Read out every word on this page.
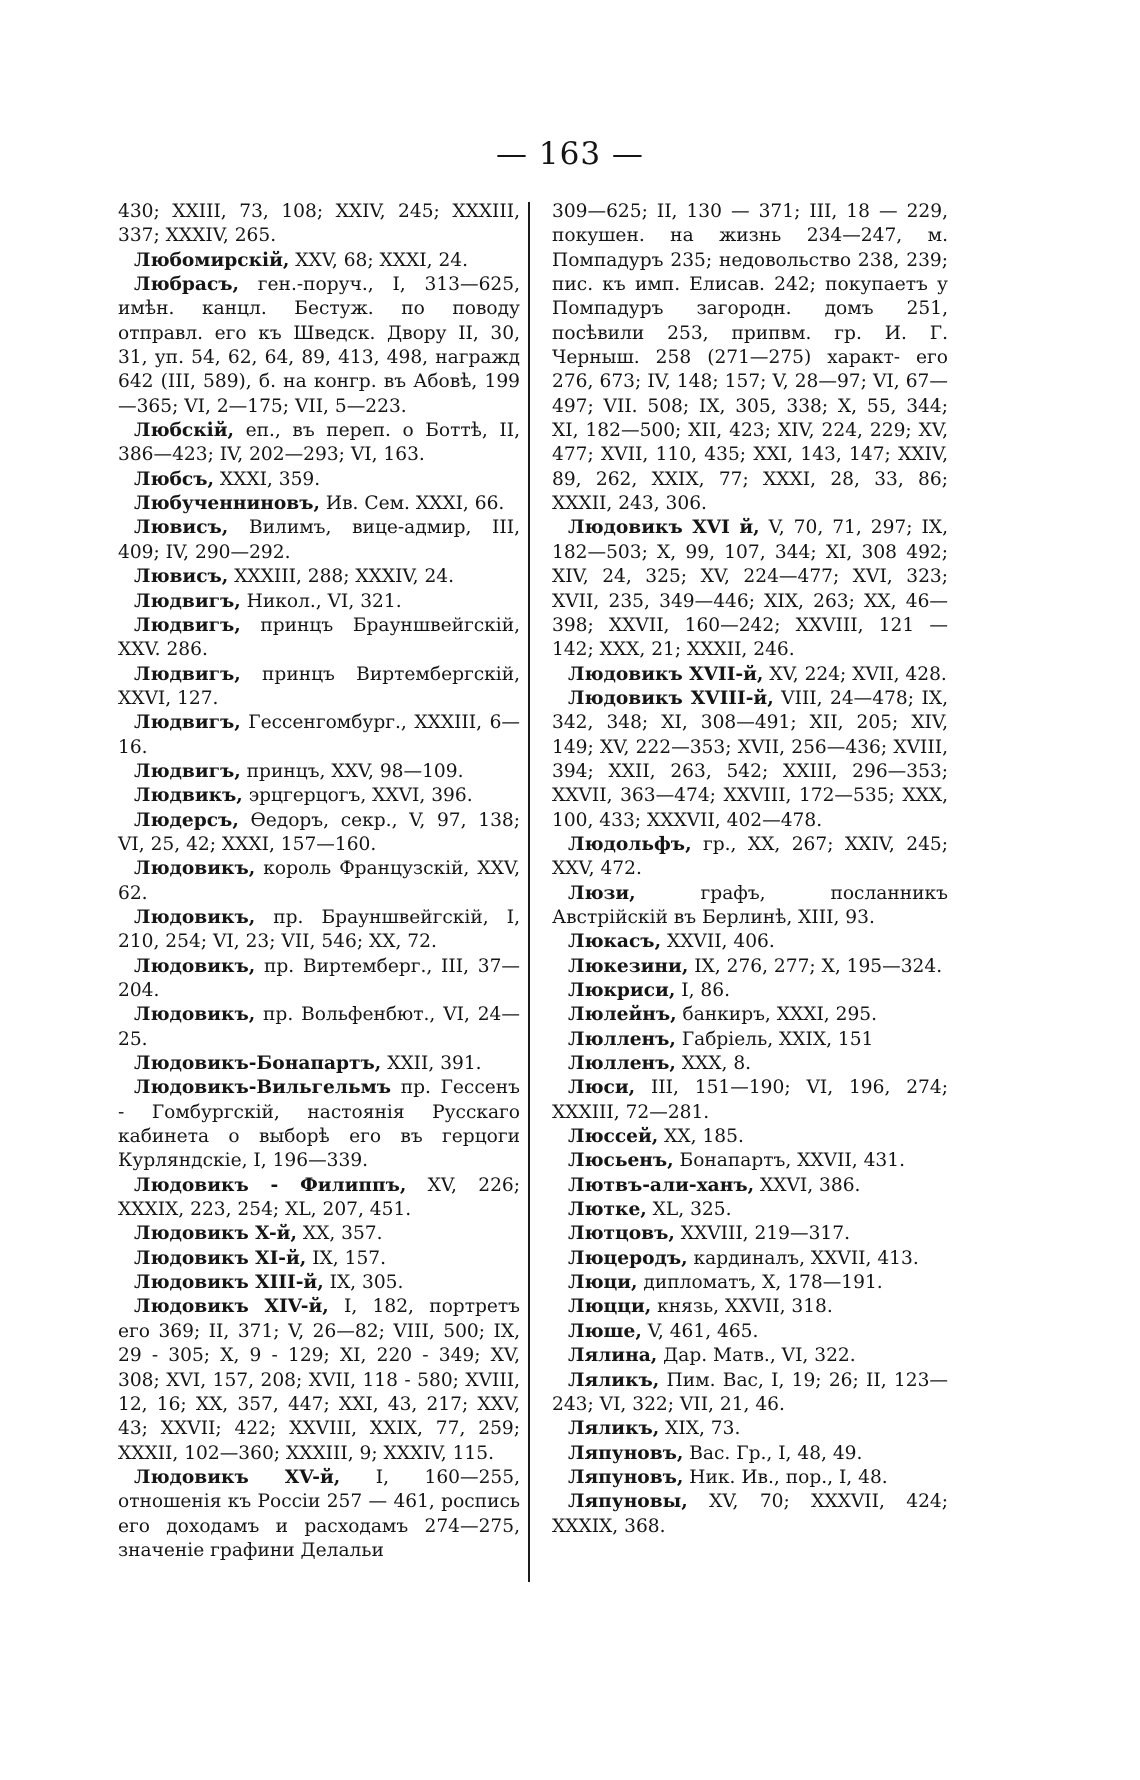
— 163 —
430; XXIII, 73, 108; XXIV, 245; XXXIII, 337; XXXIV, 265.
Любомирскій, XXV, 68; XXXI, 24.
Любрасъ, ген.-поруч., I, 313—625, имѣн. канцл. Бестуж. по поводу отправл. его къ Шведск. Двору II, 30, 31, уп. 54, 62, 64, 89, 413, 498, награжд 642 (III, 589), б. на конгр. въ Абовѣ, 199—365; VI, 2—175; VII, 5—223.
Любскій, еп., въ переп. о Боттѣ, II, 386—423; IV, 202—293; VI, 163.
Любсъ, XXXI, 359.
Любученниновъ, Ив. Сем. XXXI, 66.
Лювисъ, Вилимъ, вице-адмир, III, 409; IV, 290—292.
Лювисъ, XXXIII, 288; XXXIV, 24.
Людвигъ, Никол., VI, 321.
Людвигъ, принцъ Брауншвейгскій, XXV. 286.
Людвигъ, принцъ Виртембергскій, XXVI, 127.
Людвигъ, Гессенгомбург., XXXIII, 6—16.
Людвигъ, принцъ, XXV, 98—109.
Людвикъ, эрцгерцогъ, XXVI, 396.
Людерсъ, Ѳедоръ, секр., V, 97, 138; VI, 25, 42; XXXI, 157—160.
Людовикъ, король Французскій, XXV, 62.
Людовикъ, пр. Брауншвейгскій, I, 210, 254; VI, 23; VII, 546; XX, 72.
Людовикъ, пр. Виртемберг., III, 37—204.
Людовикъ, пр. Вольфенбют., VI, 24—25.
Людовикъ-Бонапартъ, XXII, 391.
Людовикъ-Вильгельмъ пр. Гессенъ - Гомбургскій, настоянія Русскаго кабинета о выборѣ его въ герцоги Курляндскіе, I, 196—339.
Людовикъ - Филиппъ, XV, 226; XXXIX, 223, 254; XL, 207, 451.
Людовикъ X-й, XX, 357.
Людовикъ XI-й, IX, 157.
Людовикъ XIII-й, IX, 305.
Людовикъ XIV-й, I, 182, портретъ его 369; II, 371; V, 26—82; VIII, 500; IX, 29 - 305; X, 9 - 129; XI, 220 - 349; XV, 308; XVI, 157, 208; XVII, 118 - 580; XVIII, 12, 16; XX, 357, 447; XXI, 43, 217; XXV, 43; XXVII; 422; XXVIII, XXIX, 77, 259; XXXII, 102—360; XXXIII, 9; XXXIV, 115.
Людовикъ XV-й, I, 160—255, отношенія къ Россіи 257 — 461, роспись его доходамъ и расходамъ 274—275, значеніе графини Делальи
309—625; II, 130 — 371; III, 18 — 229, покушен. на жизнь 234—247, м. Помпадуръ 235; недовольство 238, 239; пис. къ имп. Елисав. 242; покупаетъ у Помпадуръ загородн. домъ 251, посѣвили 253, припвм. гр. И. Г. Черныш. 258 (271—275) характ- его 276, 673; IV, 148; 157; V, 28—97; VI, 67—497; VII. 508; IX, 305, 338; X, 55, 344; XI, 182—500; XII, 423; XIV, 224, 229; XV, 477; XVII, 110, 435; XXI, 143, 147; XXIV, 89, 262, XXIX, 77; XXXI, 28, 33, 86; XXXII, 243, 306.
Людовикъ XVI й, V, 70, 71, 297; IX, 182—503; X, 99, 107, 344; XI, 308 492; XIV, 24, 325; XV, 224—477; XVI, 323; XVII, 235, 349—446; XIX, 263; XX, 46—398; XXVII, 160—242; XXVIII, 121 — 142; XXX, 21; XXXII, 246.
Людовикъ XVII-й, XV, 224; XVII, 428.
Людовикъ XVIII-й, VIII, 24—478; IX, 342, 348; XI, 308—491; XII, 205; XIV, 149; XV, 222—353; XVII, 256—436; XVIII, 394; XXII, 263, 542; XXIII, 296—353; XXVII, 363—474; XXVIII, 172—535; XXX, 100, 433; XXXVII, 402—478.
Людольфъ, гр., XX, 267; XXIV, 245; XXV, 472.
Люзи, графъ, посланникъ Австрійскій въ Берлинѣ, XIII, 93.
Люкасъ, XXVII, 406.
Люкезини, IX, 276, 277; X, 195—324.
Люкриси, I, 86.
Люлейнъ, банкиръ, XXXI, 295.
Люлленъ, Габріель, XXIX, 151
Люлленъ, XXX, 8.
Люси, III, 151—190; VI, 196, 274; XXXIII, 72—281.
Люссей, XX, 185.
Люсьенъ, Бонапартъ, XXVII, 431.
Лютвъ-али-ханъ, XXVI, 386.
Лютке, XL, 325.
Лютцовъ, XXVIII, 219—317.
Люцеродъ, кардиналъ, XXVII, 413.
Люци, дипломатъ, X, 178—191.
Люцци, князь, XXVII, 318.
Люше, V, 461, 465.
Лялина, Дар. Матв., VI, 322.
Ляликъ, Пим. Вас, I, 19; 26; II, 123—243; VI, 322; VII, 21, 46.
Ляликъ, XIX, 73.
Ляпуновъ, Вас. Гр., I, 48, 49.
Ляпуновъ, Ник. Ив., пор., I, 48.
Ляпуновы, XV, 70; XXXVII, 424; XXXIX, 368.
